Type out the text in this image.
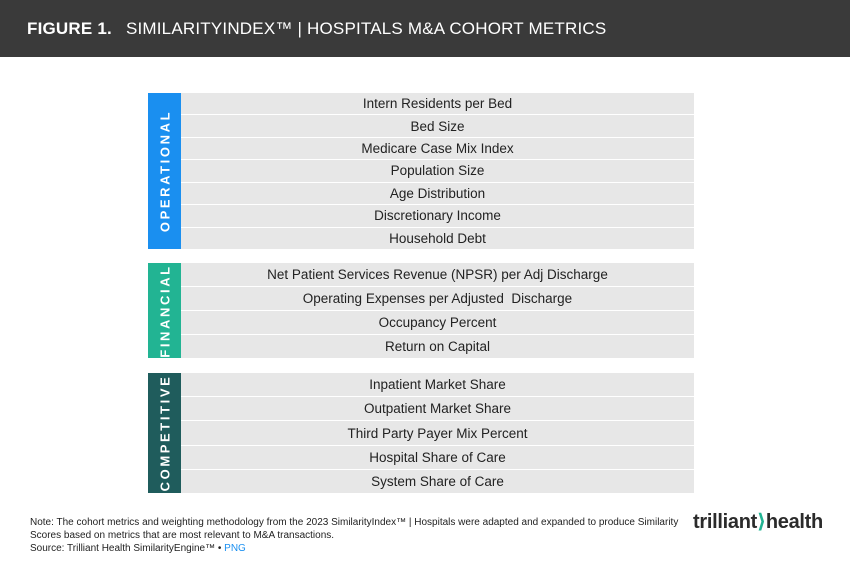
FIGURE 1. SIMILARITYINDEX™ | HOSPITALS M&A COHORT METRICS
OPERATIONAL
Intern Residents per Bed
Bed Size
Medicare Case Mix Index
Population Size
Age Distribution
Discretionary Income
Household Debt
FINANCIAL	Net Patient Services Revenue (NPSR) per Adj Discharge
Operating Expenses per Adjusted  Discharge
Occupancy Percent
Return on Capital
COMPETITIVE	Inpatient Market Share
Outpatient Market Share
Third Party Payer Mix Percent
Hospital Share of Care
System Share of Care
Note: The cohort metrics and weighting methodology from the 2023 SimilarityIndex™ | Hospitals were adapted and expanded to produce Similarity Scores based on metrics that are most relevant to M&A transactions.
Source: Trilliant Health SimilarityEngine™ • PNG
trilliant⟩health
